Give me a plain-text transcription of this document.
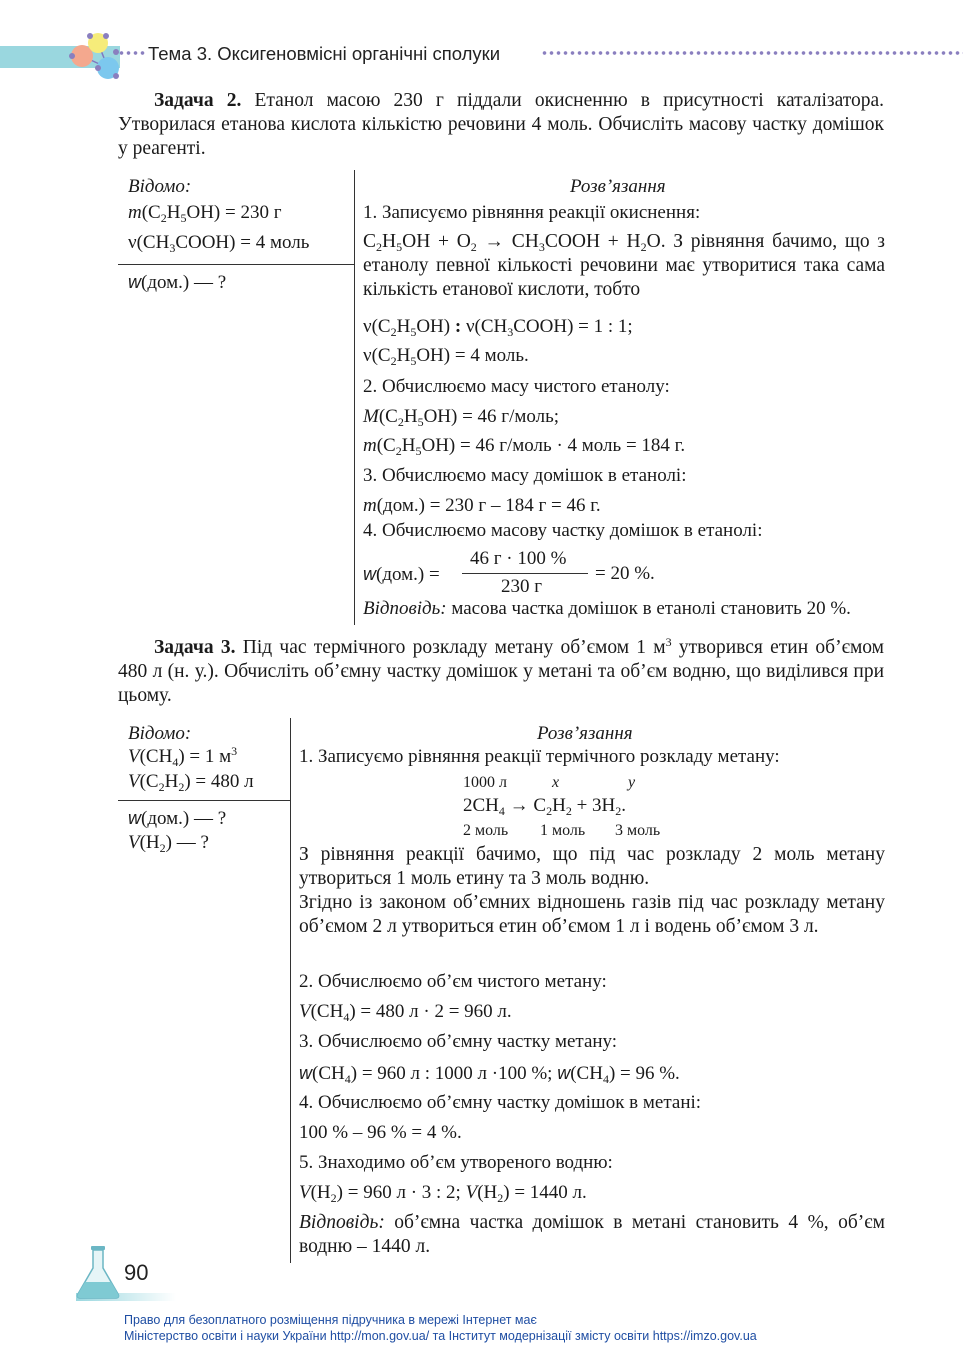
Тема 3. Оксигеновмісні органічні сполуки
Задача 2. Етанол масою 230 г піддали окисненню в присутності каталізатора. Утворилася етанова кислота кількістю речовини 4 моль. Обчисліть масову частку домішок у реагенті.
Відомо:
$m(C_2H_5OH) = 230$ г
$\nu(CH_3COOH) = 4$ моль
w(дом.) — ?
Розв’язання
1. Записуємо рівняння реакції окиснення:
$C_2H_5OH + O_2$ → $CH_3COOH + H_2O$. З рівняння бачимо, що з етанолу певної кількості речовини має утворитися така сама кількість етанової кислоти, тобто
$\nu(C_2H_5OH)$ : $\nu(CH_3COOH) = 1$ : 1;
$\nu(C_2H_5OH) = 4$ моль.
2. Обчислюємо масу чистого етанолу:
$M(C_2H_5OH) = 46$ г/моль;
$m(C_2H_5OH) = 46$ г/моль · 4 моль = 184 г.
3. Обчислюємо масу домішок в етанолі:
m(дом.) = 230 г – 184 г = 46 г.
4. Обчислюємо масову частку домішок в етанолі:
w(дом.) =
46 г · 100 %
230 г
= 20 %.
Відповідь: масова частка домішок в етанолі становить 20 %.
Задача 3. Під час термічного розкладу метану об’ємом 1 $м^3$ утворився етин об’ємом 480 л (н. у.). Обчисліть об’ємну частку домішок у метані та об’єм водню, що виділився при цьому.
Відомо:
$V(CH_4) = 1$ $м^3$
$V(C_2H_2) = 480$ л
w(дом.) — ?
$V(H_2)$ — ?
Розв’язання
1. Записуємо рівняння реакції термічного розкладу метану:
1000 л	x	y
$2CH_4 \to C_2H_2 + 3H_2$.
2 моль 1 моль 3 моль
З рівняння реакції бачимо, що під час розкладу 2 моль метану утвориться 1 моль етину та 3 моль водню.
Згідно із законом об’ємних відношень газів під час розкладу метану об’ємом 2 л утвориться етин об’ємом 1 л і водень об’ємом 3 л.
2. Обчислюємо об’єм чистого метану:
$V(CH_4) = 480$ л · 2 = 960 л.
3. Обчислюємо об’ємну частку метану:
$w(CH_4) = 960$ л : 1000 л ·100 %; $w(CH_4) = 96$ %.
4. Обчислюємо об’ємну частку домішок в метані:
100 % – 96 % = 4 %.
5. Знаходимо об’єм утвореного водню:
$V(H_2) = 960$ л · 3 : 2; $V(H_2) = 1440$ л.
Відповідь: об’ємна частка домішок в метані становить 4 %, об’єм водню – 1440 л.
90
Право для безоплатного розміщення підручника в мережі Інтернет має
Міністерство освіти і науки України http://mon.gov.ua/ та Інститут модернізації змісту освіти https://imzo.gov.ua
